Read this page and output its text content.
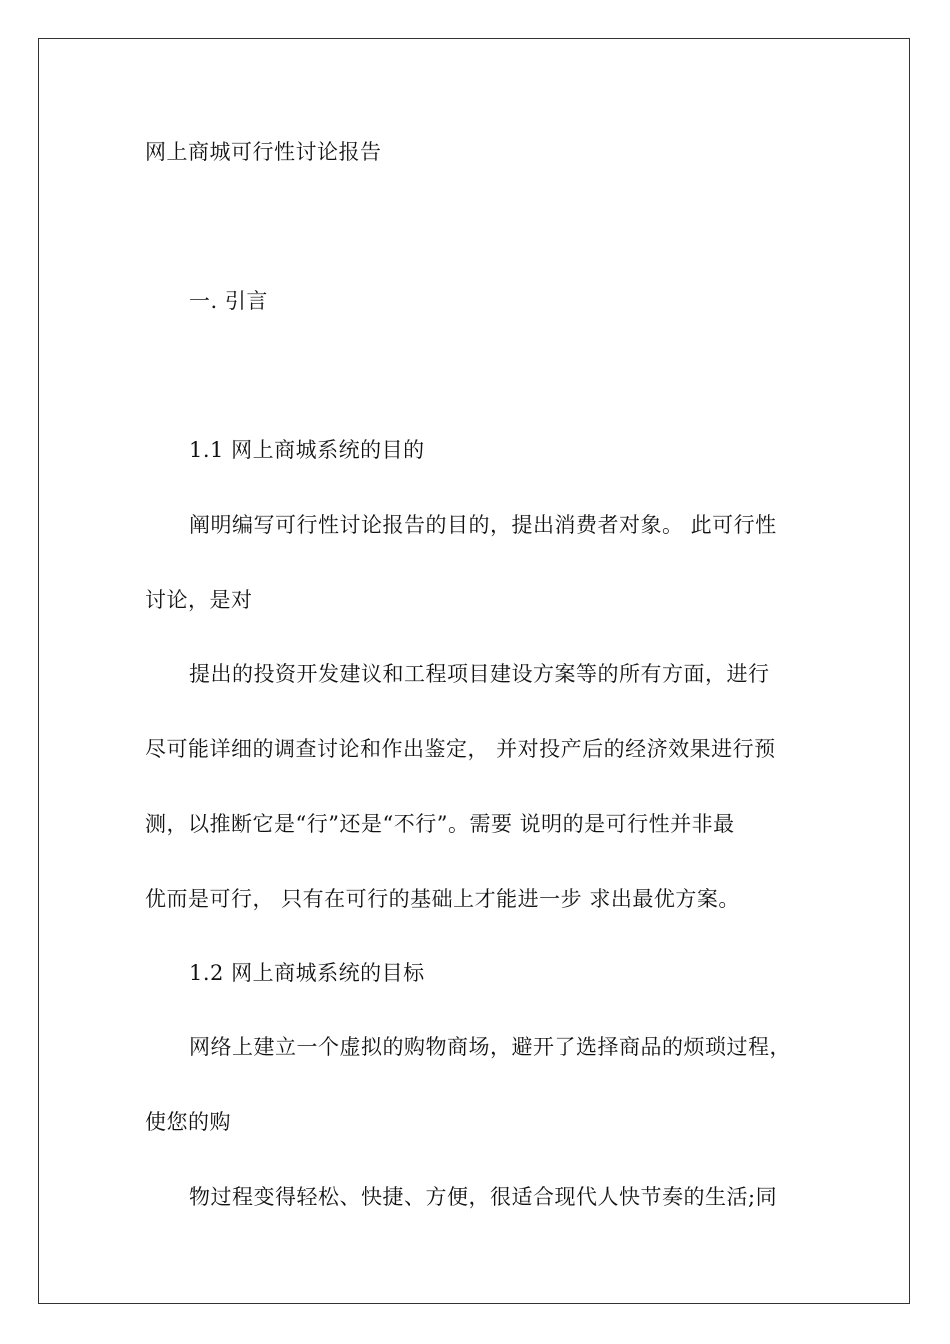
网上商城可行性讨论报告
一. 引言
1.1 网上商城系统的目的
阐明编写可行性讨论报告的目的，提出消费者对象。 此可行性
讨论，是对
提出的投资开发建议和工程项目建设方案等的所有方面，进行
尽可能详细的调查讨论和作出鉴定， 并对投产后的经济效果进行预
测，以推断它是“行”还是“不行”。需要 说明的是可行性并非最
优而是可行， 只有在可行的基础上才能进一步 求出最优方案。
1.2 网上商城系统的目标
网络上建立一个虚拟的购物商场，避开了选择商品的烦琐过程，
使您的购
物过程变得轻松、快捷、方便，很适合现代人快节奏的生活;同
